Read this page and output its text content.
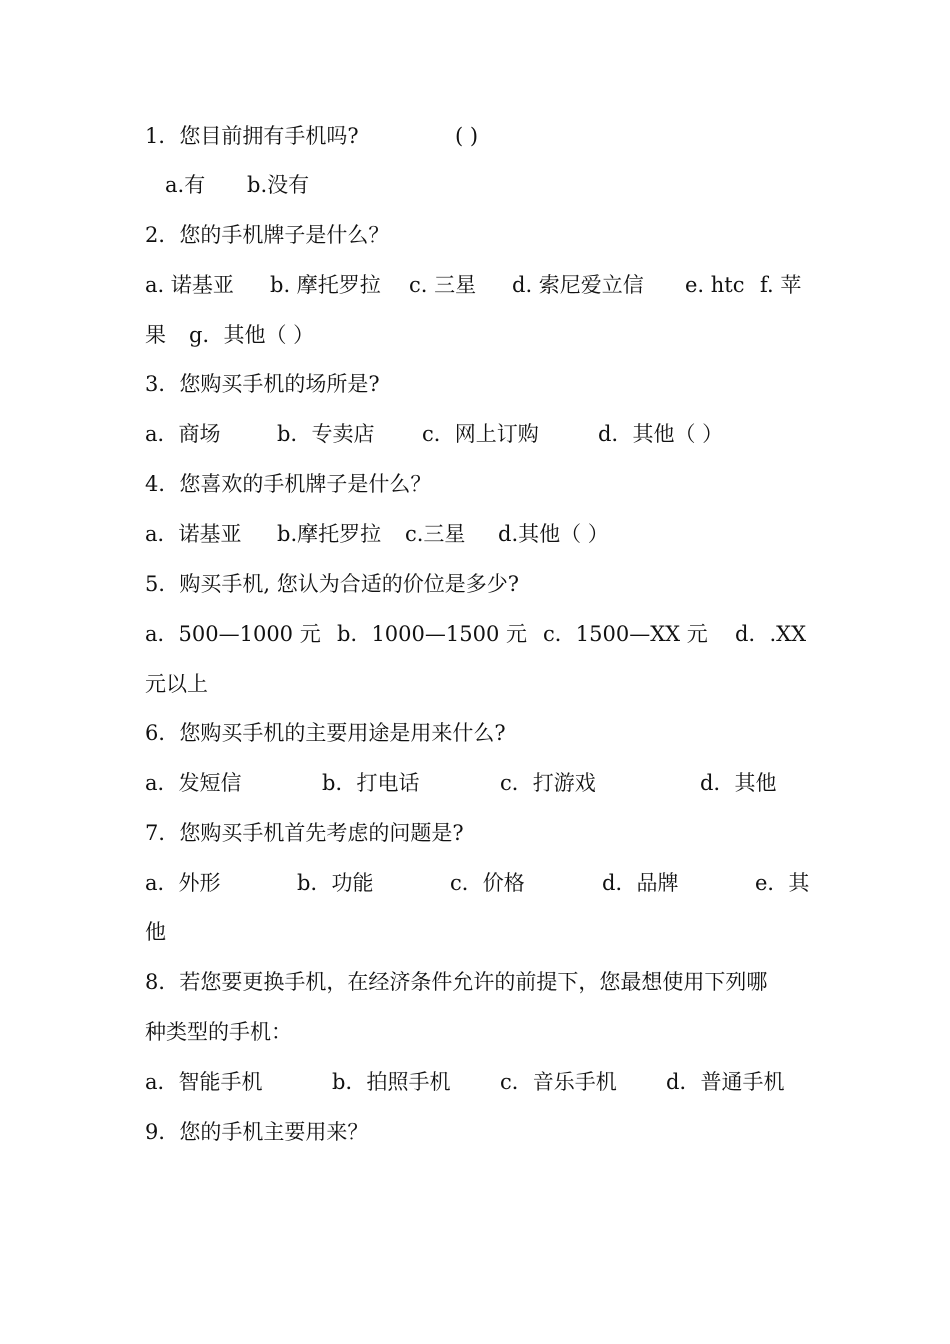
1．您目前拥有手机吗?	( )
a.有 b.没有
2．您的手机牌子是什么？
a. 诺基亚 b. 摩托罗拉 c. 三星 d. 索尼爱立信 e. htc f. 苹
果 g．其他（ ）
3．您购买手机的场所是?
a．商场	b．专卖店 c．网上订购	d．其他（ ）
4．您喜欢的手机牌子是什么？
a．诺基亚 b.摩托罗拉 c.三星 d.其他（ ）
5．购买手机, 您认为合适的价位是多少?
a．500—1000 元 b．1000—1500 元 c．1500—XX 元 d．.XX
元以上
6．您购买手机的主要用途是用来什么?
a．发短信	b．打电话	c．打游戏	d．其他
7．您购买手机首先考虑的问题是?
a．外形	b．功能	c．价格	d．品牌	e．其
他
8．若您要更换手机，在经济条件允许的前提下，您最想使用下列哪
种类型的手机：
a．智能手机	b．拍照手机 c．音乐手机 d．普通手机
9．您的手机主要用来？
